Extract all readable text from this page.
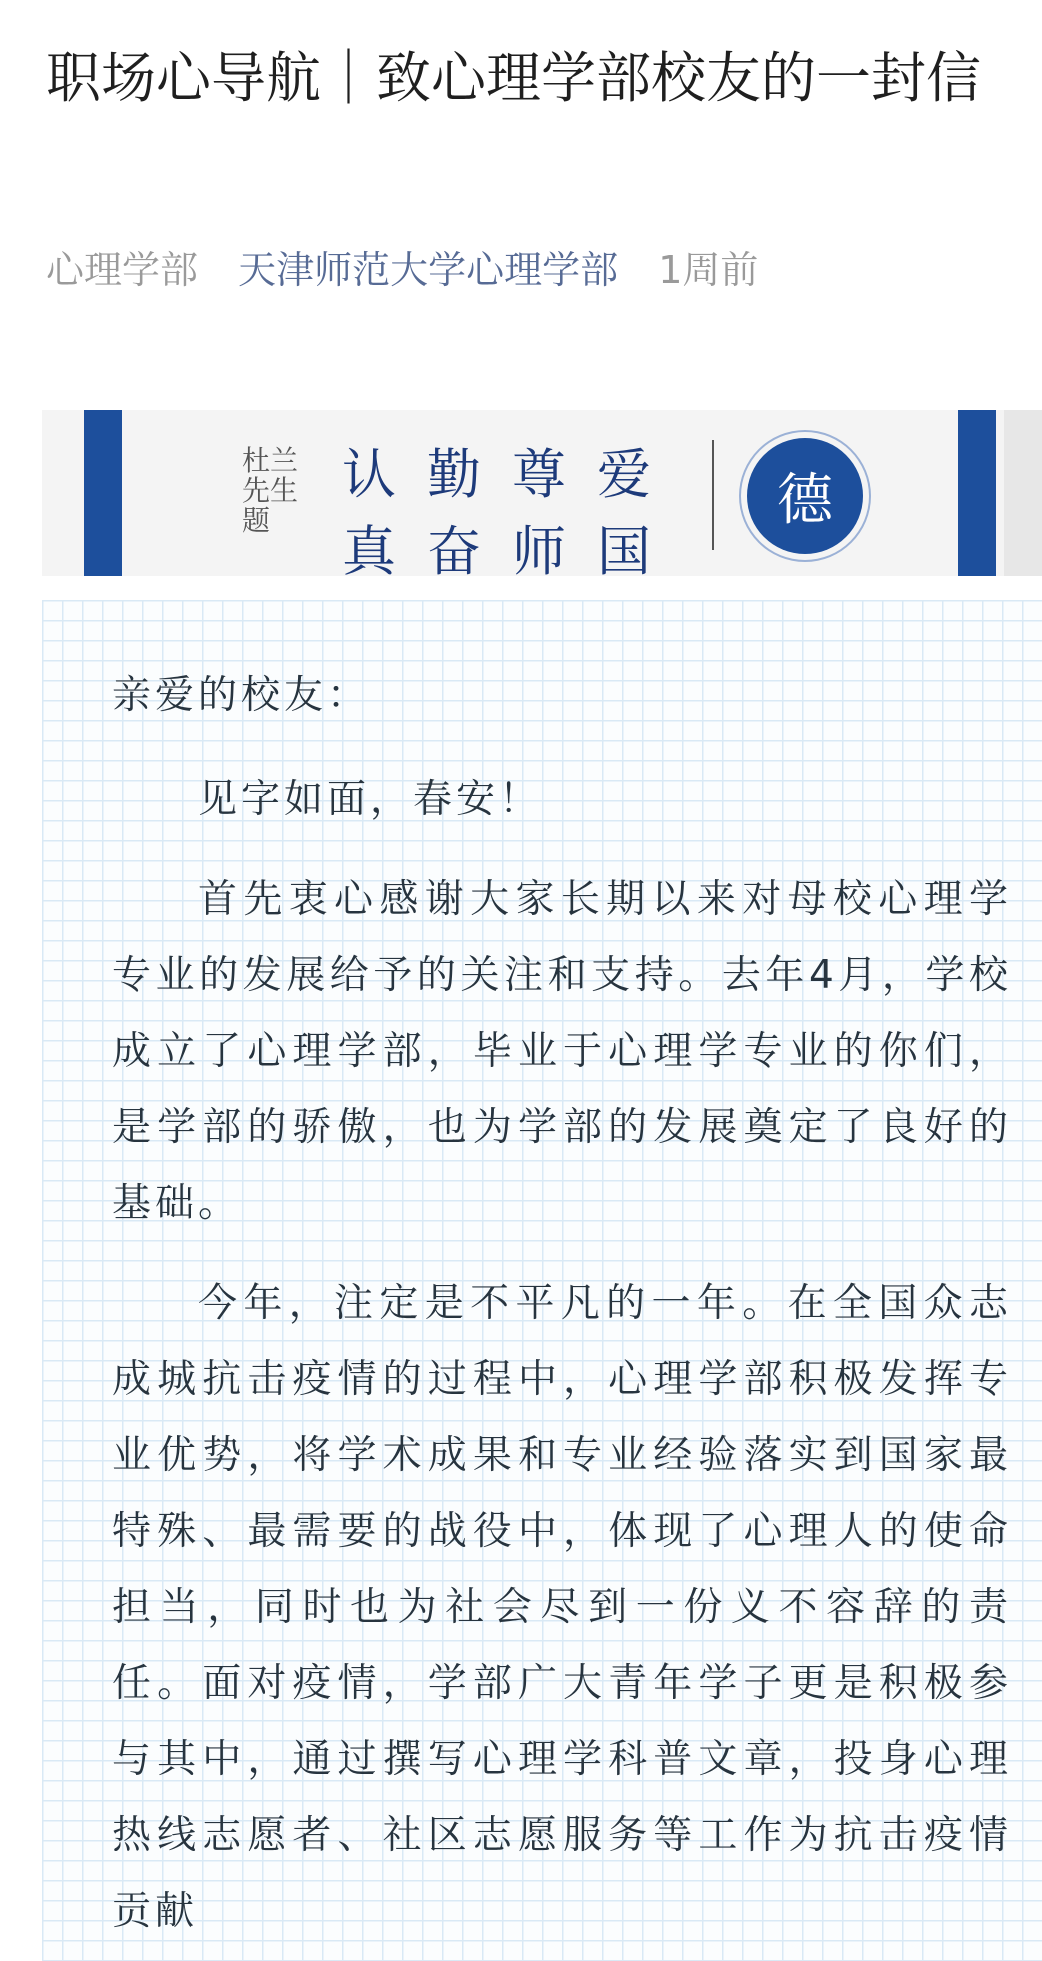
职场心导航｜致心理学部校友的一封信
心理学部 天津师范大学心理学部 1周前
杜兰 先生 题
认 勤 尊 爱
真 奋 师 国
德

亲爱的校友：

见字如面，春安！

首先衷心感谢大家长期以来对母校心理学专业的发展给予的关注和支持。去年4月，学校成立了心理学部，毕业于心理学专业的你们，是学部的骄傲，也为学部的发展奠定了良好的基础。

今年，注定是不平凡的一年。在全国众志成城抗击疫情的过程中，心理学部积极发挥专业优势，将学术成果和专业经验落实到国家最特殊、最需要的战役中，体现了心理人的使命担当，同时也为社会尽到一份义不容辞的责任。面对疫情，学部广大青年学子更是积极参与其中，通过撰写心理学科普文章，投身心理热线志愿者、社区志愿服务等工作为抗击疫情贡献
